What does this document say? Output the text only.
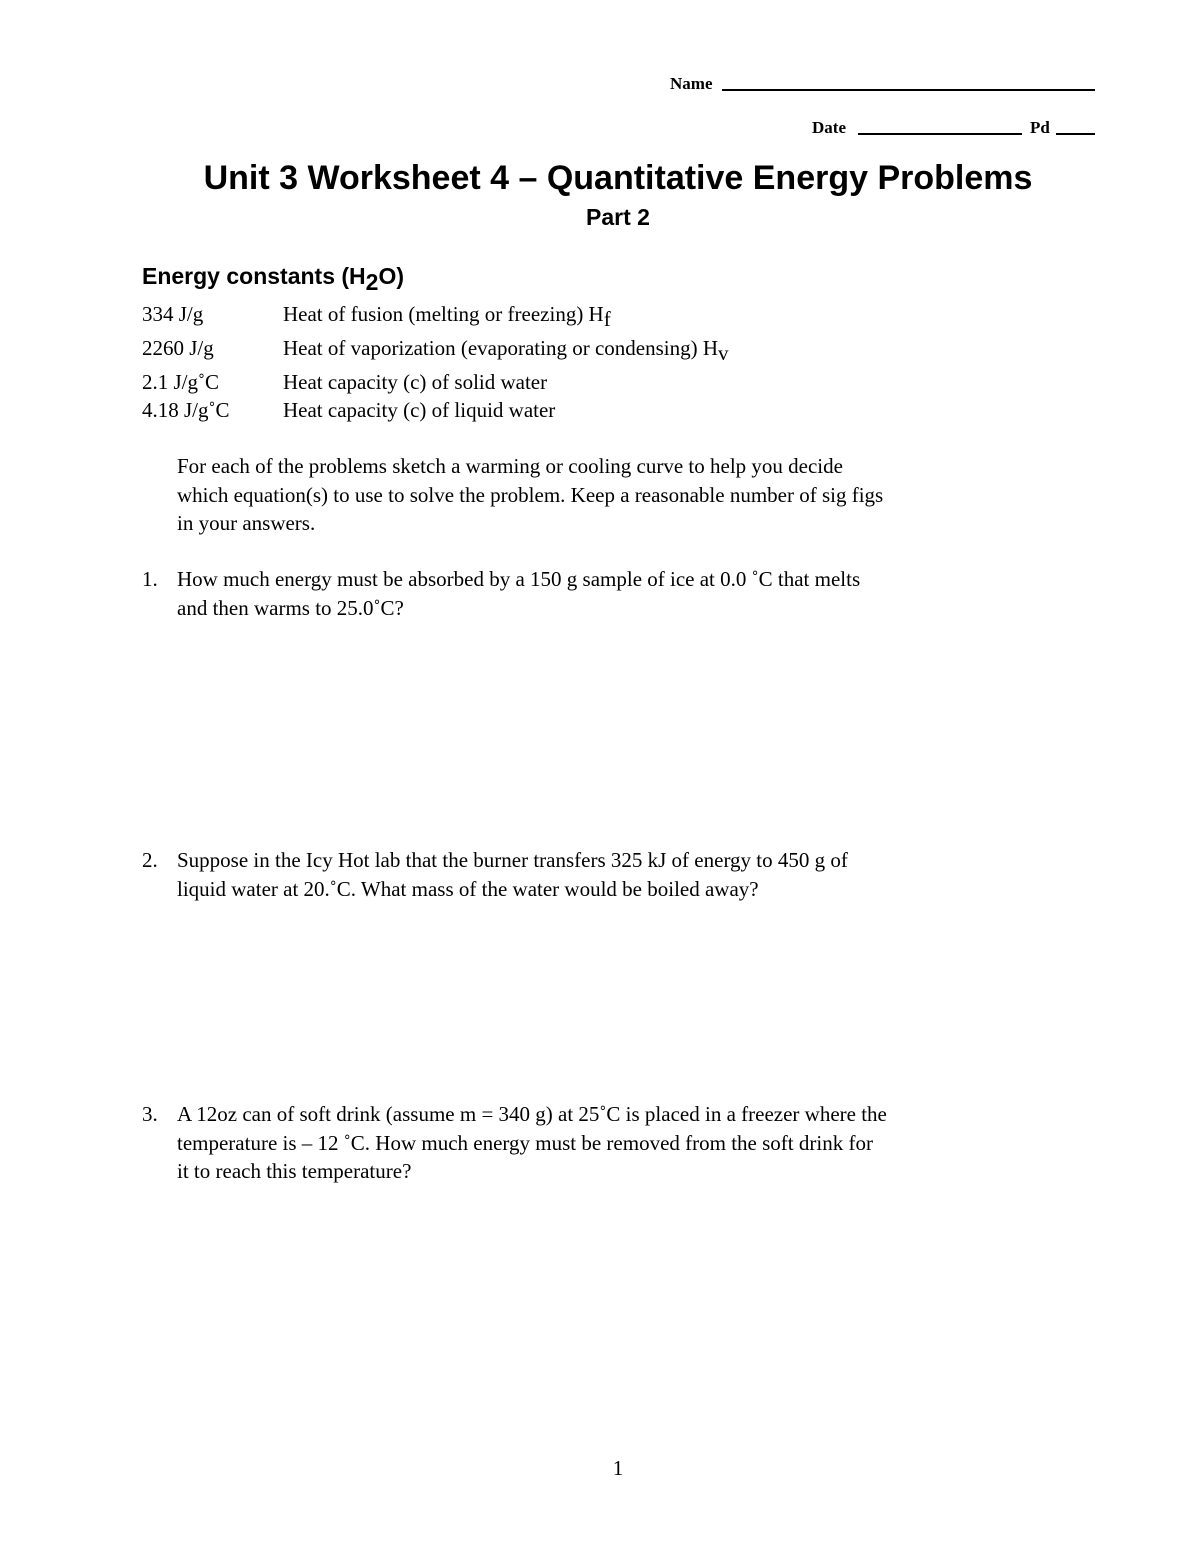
Name
Date	Pd
Unit 3 Worksheet 4 – Quantitative Energy Problems
Part 2
Energy constants $(H_2O)$
334 J/g	Heat of fusion (melting or freezing) $H_f$
2260 J/g	Heat of vaporization (evaporating or condensing) $H_v$
2.1 J/g˚C	Heat capacity (c) of solid water
4.18 J/g˚C	Heat capacity (c) of liquid water
For each of the problems sketch a warming or cooling curve to help you decide
which equation(s) to use to solve the problem. Keep a reasonable number of sig figs
in your answers.
1. How much energy must be absorbed by a 150 g sample of ice at 0.0 ˚C that melts
and then warms to 25.0˚C?
2. Suppose in the Icy Hot lab that the burner transfers 325 kJ of energy to 450 g of
liquid water at 20.˚C. What mass of the water would be boiled away?
3. A 12oz can of soft drink (assume m = 340 g) at 25˚C is placed in a freezer where the
temperature is – 12 ˚C. How much energy must be removed from the soft drink for
it to reach this temperature?
1
